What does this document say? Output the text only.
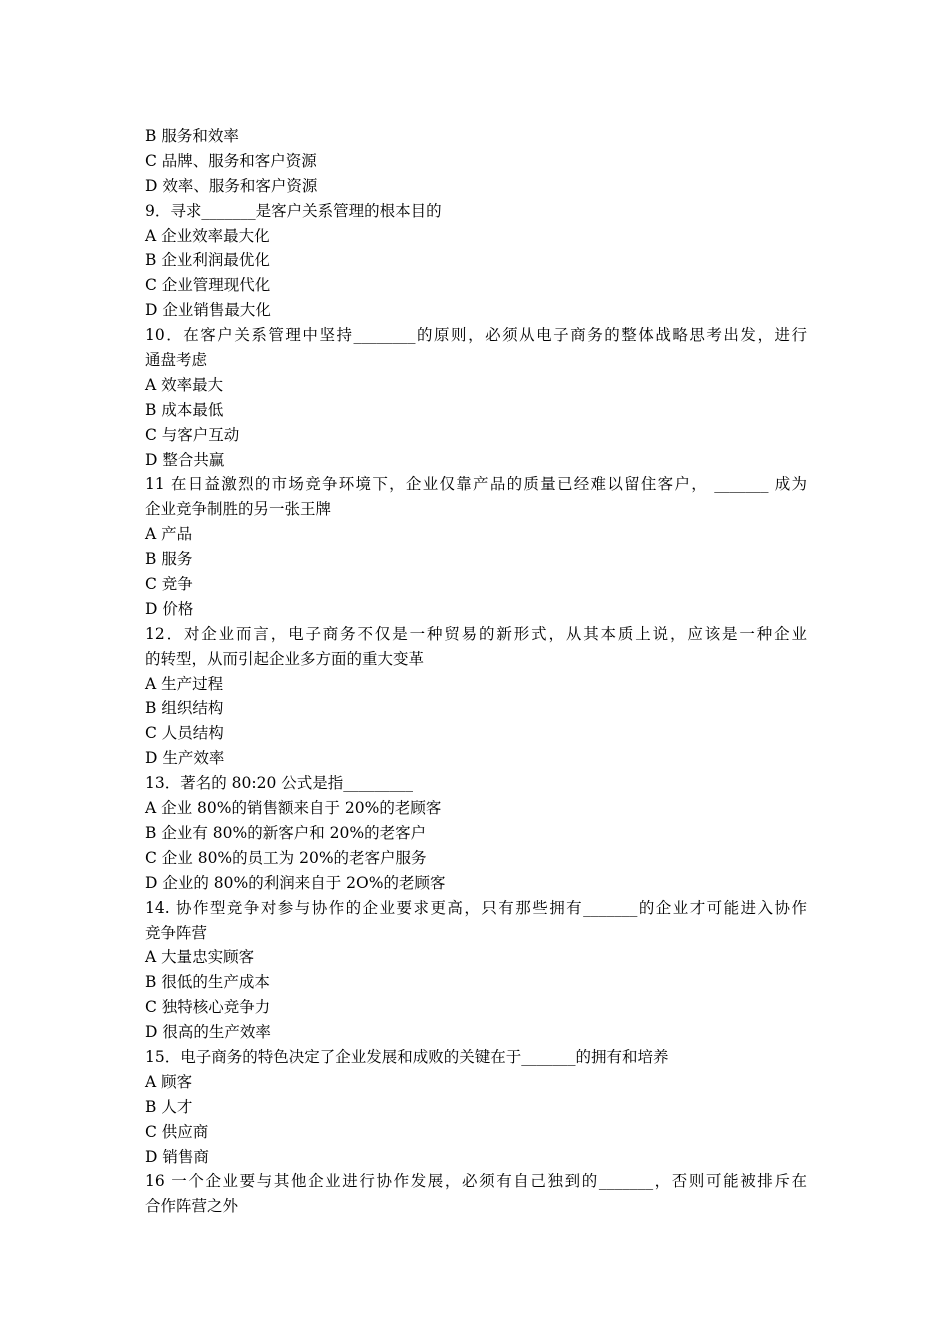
B 服务和效率
C 品牌、服务和客户资源
D 效率、服务和客户资源
9．寻求_______是客户关系管理的根本目的
A 企业效率最大化
B 企业利润最优化
C 企业管理现代化
D 企业销售最大化
10．在客户关系管理中坚持________的原则，必须从电子商务的整体战略思考出发，进行
通盘考虑
A 效率最大
B 成本最低
C 与客户互动
D 整合共赢
11 在日益激烈的市场竞争环境下，企业仅靠产品的质量已经难以留住客户， _______ 成为
企业竞争制胜的另一张王牌
A 产品
B 服务
C 竞争
D 价格
12．对企业而言，电子商务不仅是一种贸易的新形式，从其本质上说，应该是一种企业
的转型，从而引起企业多方面的重大变革
A 生产过程
B 组织结构
C 人员结构
D 生产效率
13．著名的 80:20 公式是指_________
A 企业 80%的销售额来自于 20%的老顾客
B 企业有 80%的新客户和 20%的老客户
C 企业 80%的员工为 20%的老客户服务
D 企业的 80%的利润来自于 2O%的老顾客
14. 协作型竞争对参与协作的企业要求更高，只有那些拥有_______的企业才可能进入协作
竞争阵营
A 大量忠实顾客
B 很低的生产成本
C 独特核心竞争力
D 很高的生产效率
15．电子商务的特色决定了企业发展和成败的关键在于_______的拥有和培养
A 顾客
B 人才
C 供应商
D 销售商
16 一个企业要与其他企业进行协作发展，必须有自己独到的_______，否则可能被排斥在
合作阵营之外
